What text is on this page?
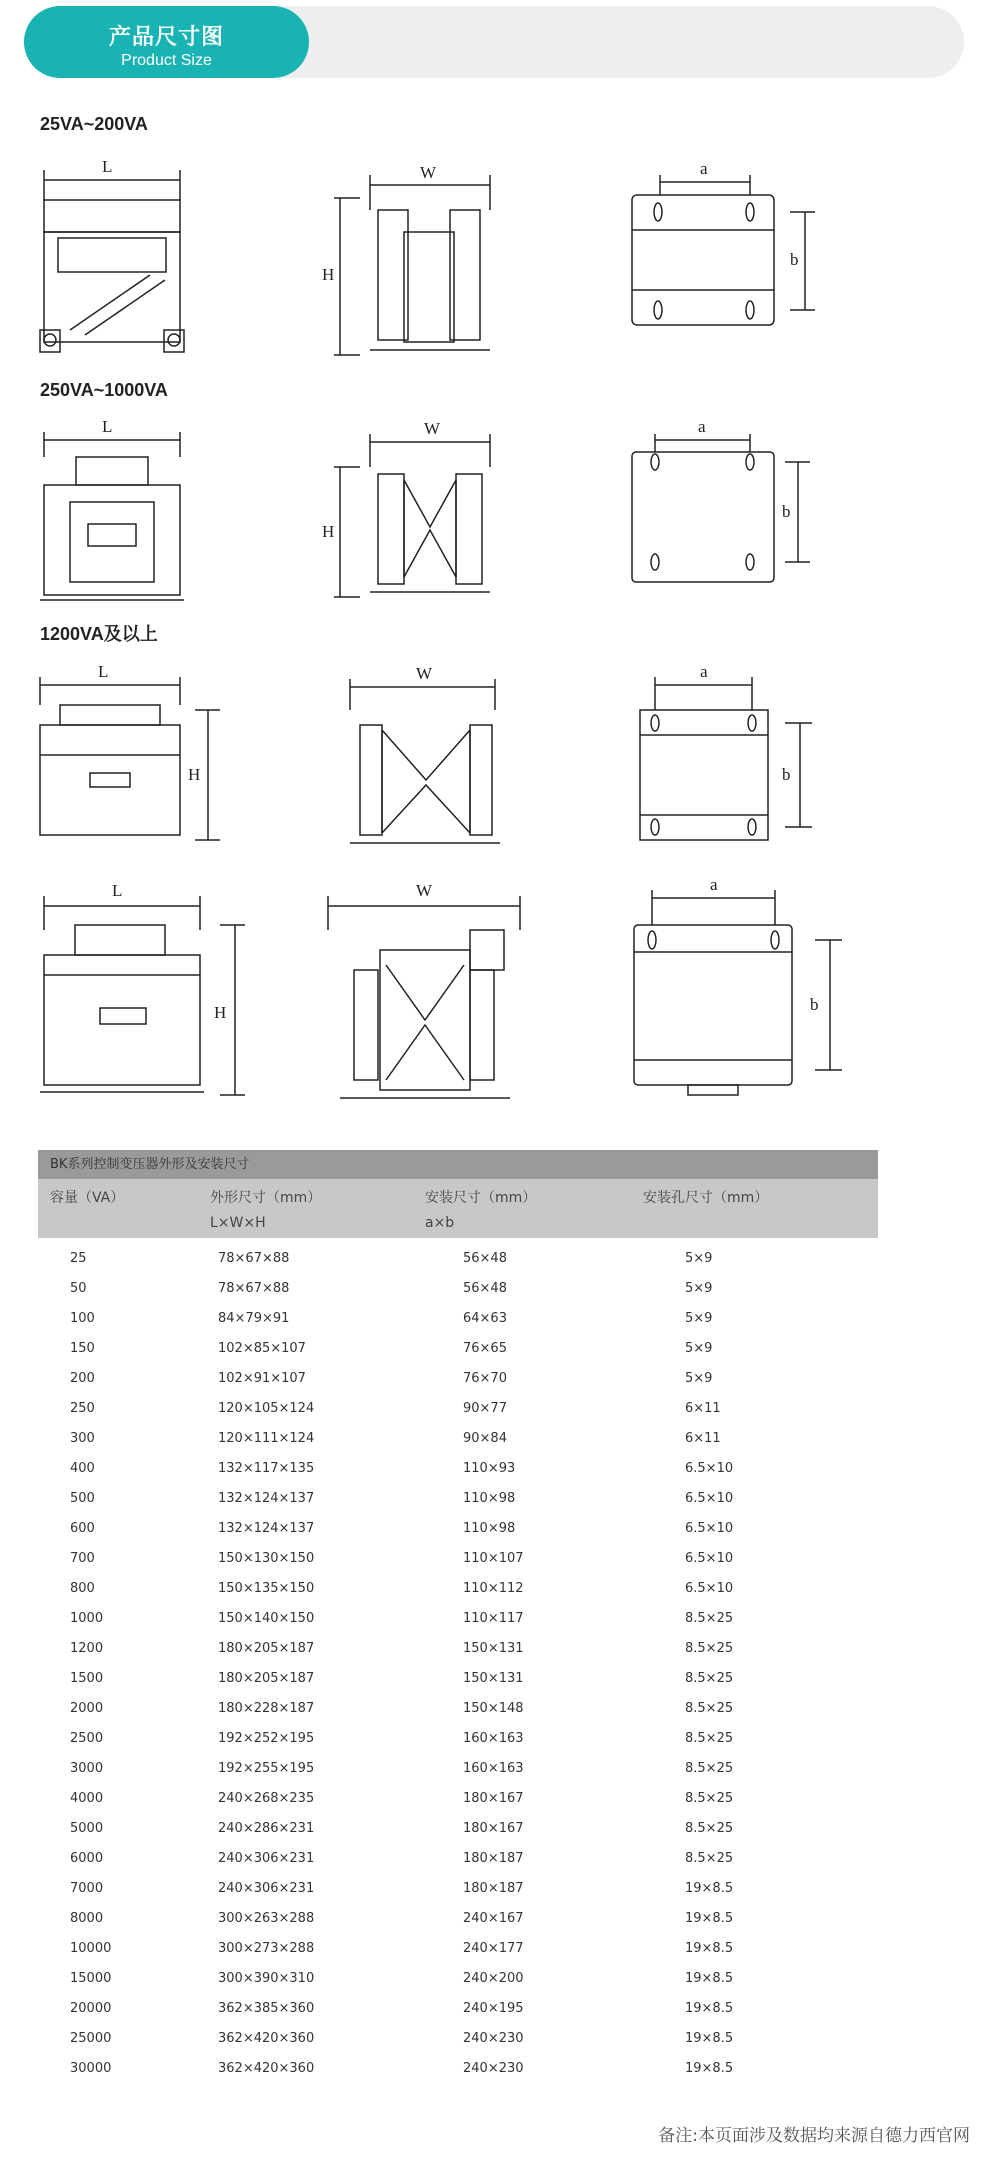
产品尺寸图
Product Size
25VA~200VA
250VA~1000VA
1200VA及以上
L	W
H
a
b
L	W
H
a
b
L
H
W	a
b
L
H
W	a
b
BK系列控制变压器外形及安装尺寸
容量（VA）	外形尺寸（mm）	安装尺寸（mm）	安装孔尺寸（mm）
L×W×H	a×b
25	78×67×88	56×48	5×9
50	78×67×88	56×48	5×9
100	84×79×91	64×63	5×9
150	102×85×107	76×65	5×9
200	102×91×107	76×70	5×9
250	120×105×124	90×77	6×11
300	120×111×124	90×84	6×11
400	132×117×135	110×93	6.5×10
500	132×124×137	110×98	6.5×10
600	132×124×137	110×98	6.5×10
700	150×130×150	110×107	6.5×10
800	150×135×150	110×112	6.5×10
1000	150×140×150	110×117	8.5×25
1200	180×205×187	150×131	8.5×25
1500	180×205×187	150×131	8.5×25
2000	180×228×187	150×148	8.5×25
2500	192×252×195	160×163	8.5×25
3000	192×255×195	160×163	8.5×25
4000	240×268×235	180×167	8.5×25
5000	240×286×231	180×167	8.5×25
6000	240×306×231	180×187	8.5×25
7000	240×306×231	180×187	19×8.5
8000	300×263×288	240×167	19×8.5
10000	300×273×288	240×177	19×8.5
15000	300×390×310	240×200	19×8.5
20000	362×385×360	240×195	19×8.5
25000	362×420×360	240×230	19×8.5
30000	362×420×360	240×230	19×8.5
备注:本页面涉及数据均来源自德力西官网
